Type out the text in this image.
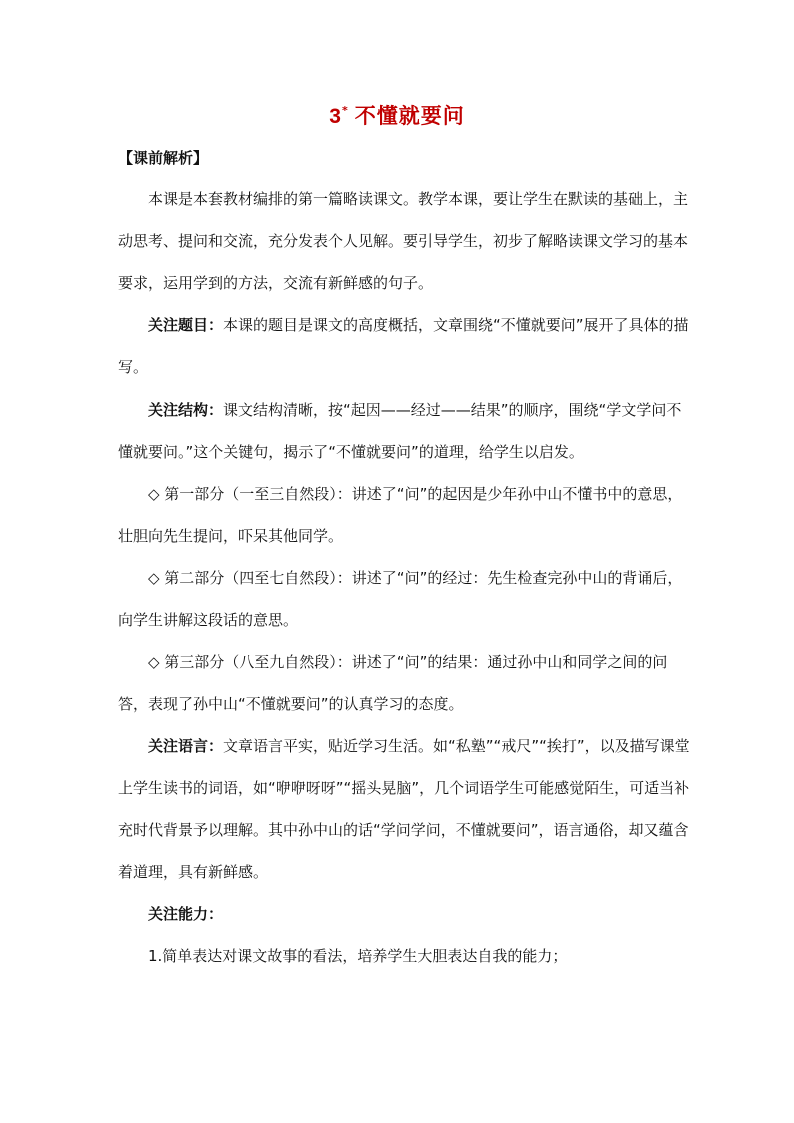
3* 不懂就要问
【课前解析】

本课是本套教材编排的第一篇略读课文。教学本课，要让学生在默读的基础上，主动思考、提问和交流，充分发表个人见解。要引导学生，初步了解略读课文学习的基本要求，运用学到的方法，交流有新鲜感的句子。

关注题目：本课的题目是课文的高度概括，文章围绕“不懂就要问”展开了具体的描写。

关注结构：课文结构清晰，按“起因——经过——结果”的顺序，围绕“学文学问不懂就要问。”这个关键句，揭示了“不懂就要问”的道理，给学生以启发。

◇ 第一部分（一至三自然段）：讲述了“问”的起因是少年孙中山不懂书中的意思，壮胆向先生提问，吓呆其他同学。

◇ 第二部分（四至七自然段）：讲述了“问”的经过：先生检查完孙中山的背诵后，向学生讲解这段话的意思。

◇ 第三部分（八至九自然段）：讲述了“问”的结果：通过孙中山和同学之间的问答，表现了孙中山“不懂就要问”的认真学习的态度。

关注语言：文章语言平实，贴近学习生活。如“私塾”“戒尺”“挨打”，以及描写课堂上学生读书的词语，如“咿咿呀呀”“摇头晃脑”，几个词语学生可能感觉陌生，可适当补充时代背景予以理解。其中孙中山的话“学问学问，不懂就要问”，语言通俗，却又蕴含着道理，具有新鲜感。

关注能力：

1.简单表达对课文故事的看法，培养学生大胆表达自我的能力；
